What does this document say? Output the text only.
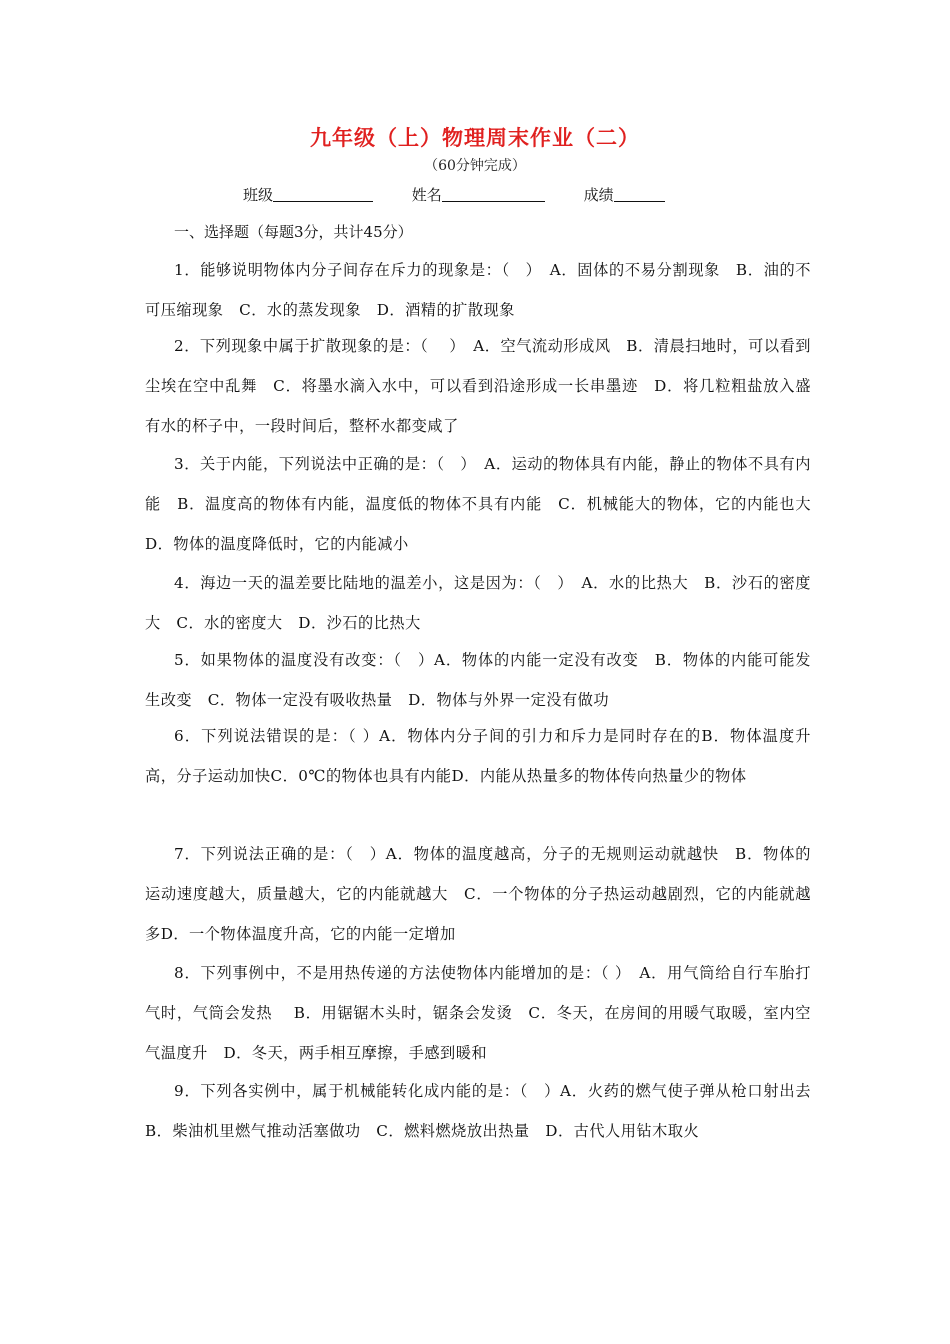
九年级（上）物理周末作业（二）
（60分钟完成）
班级	姓名	成绩
一、选择题（每题3分，共计45分）
1．能够说明物体内分子间存在斥力的现象是：（　）　A．固体的不易分割现象　B．油的不可压缩现象　C．水的蒸发现象　D．酒精的扩散现象
2．下列现象中属于扩散现象的是：（　 ）　A．空气流动形成风　B．清晨扫地时，可以看到尘埃在空中乱舞　C．将墨水滴入水中，可以看到沿途形成一长串墨迹　D．将几粒粗盐放入盛有水的杯子中，一段时间后，整杯水都变咸了
3．关于内能，下列说法中正确的是：（　）　A．运动的物体具有内能，静止的物体不具有内能　B．温度高的物体有内能，温度低的物体不具有内能　C．机械能大的物体，它的内能也大　D．物体的温度降低时，它的内能减小
4．海边一天的温差要比陆地的温差小，这是因为：（　）　A．水的比热大　B．沙石的密度大　C．水的密度大　D．沙石的比热大
5．如果物体的温度没有改变：（　）A．物体的内能一定没有改变　B．物体的内能可能发生改变　C．物体一定没有吸收热量　D．物体与外界一定没有做功
6．下列说法错误的是：（ ）A．物体内分子间的引力和斥力是同时存在的B．物体温度升高，分子运动加快C．0℃的物体也具有内能D．内能从热量多的物体传向热量少的物体
7．下列说法正确的是：（　）A．物体的温度越高，分子的无规则运动就越快　B．物体的运动速度越大，质量越大，它的内能就越大　C．一个物体的分子热运动越剧烈，它的内能就越多D．一个物体温度升高，它的内能一定增加
8．下列事例中，不是用热传递的方法使物体内能增加的是：（ ）　A．用气筒给自行车胎打气时，气筒会发热　 B．用锯锯木头时，锯条会发烫　C．冬天，在房间的用暖气取暖，室内空气温度升　D．冬天，两手相互摩擦，手感到暖和
9．下列各实例中，属于机械能转化成内能的是：（　）A．火药的燃气使子弹从枪口射出去　B．柴油机里燃气推动活塞做功　C．燃料燃烧放出热量　D．古代人用钻木取火
